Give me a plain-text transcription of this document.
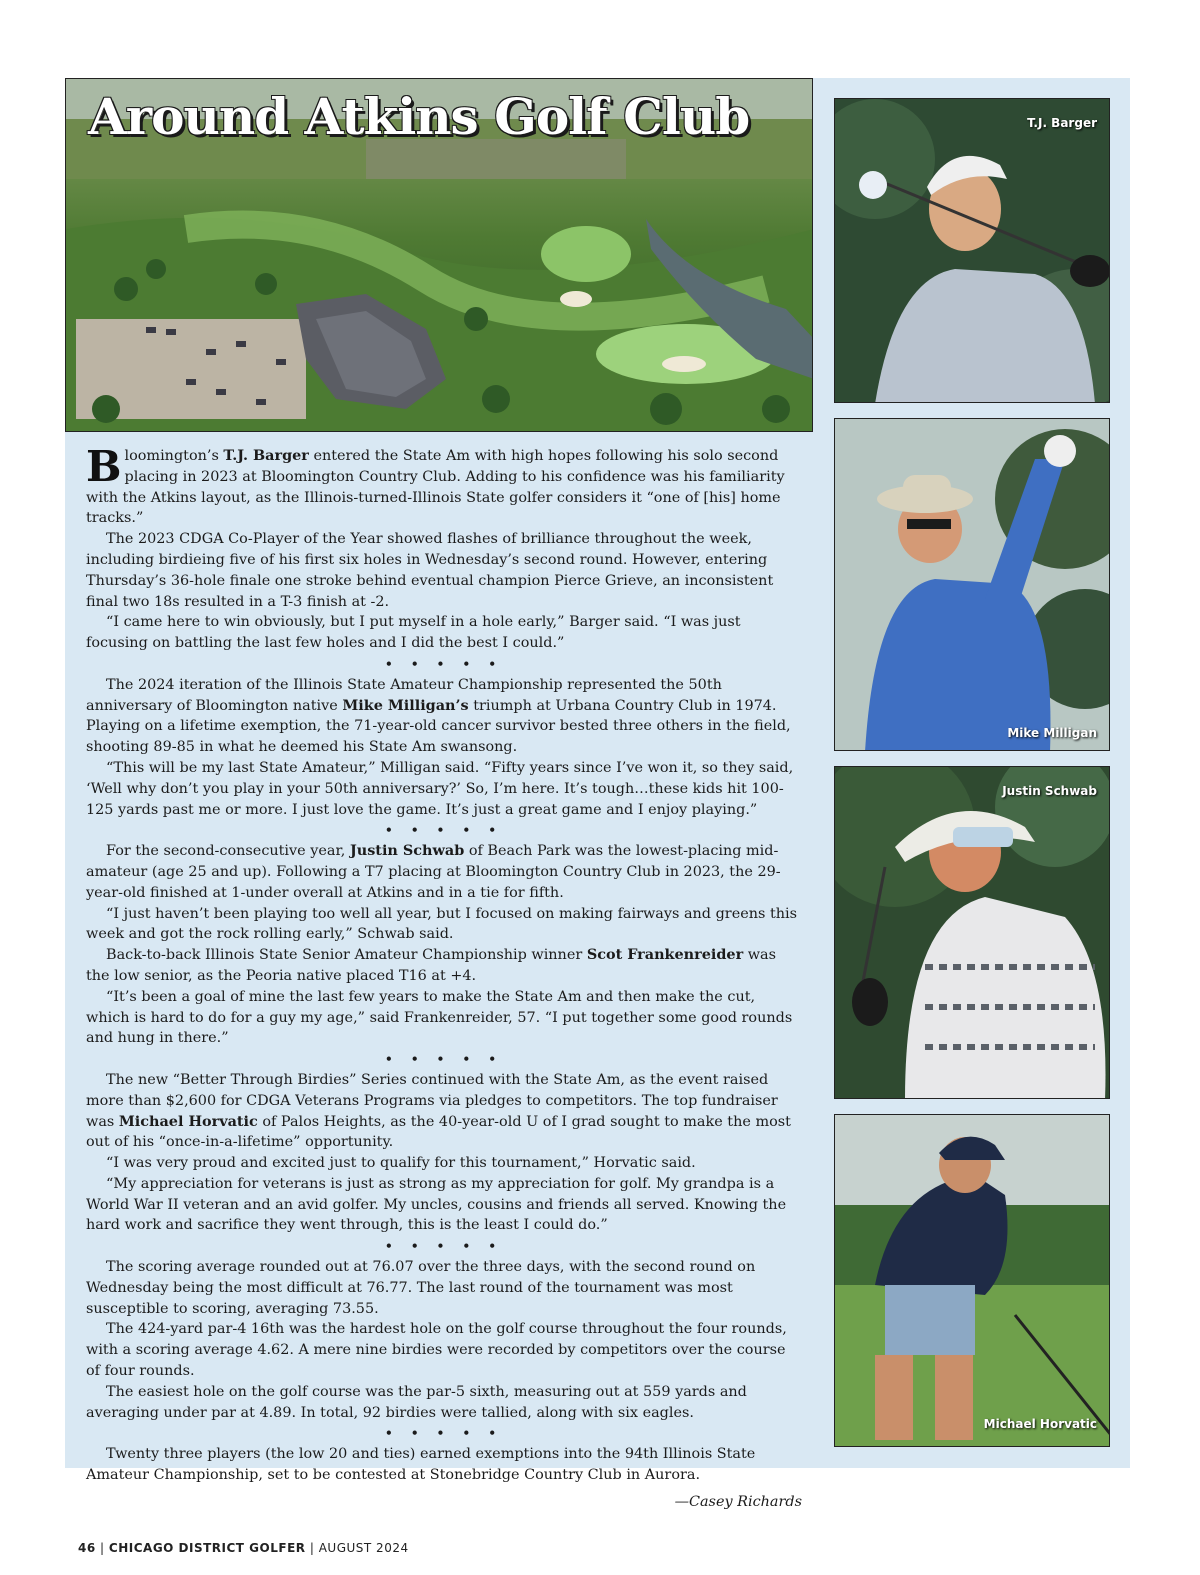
Around Atkins Golf Club	T.J. Barger
Mike Milligan
Justin Schwab
Michael Horvatic

Bloomington’s T.J. Barger entered the State Am with high hopes following his solo second placing in 2023 at Bloomington Country Club. Adding to his confidence was his familiarity with the Atkins layout, as the Illinois-turned-Illinois State golfer considers it “one of [his] home tracks.”

The 2023 CDGA Co-Player of the Year showed flashes of brilliance throughout the week, including birdieing five of his first six holes in Wednesday’s second round. However, entering Thursday’s 36-hole finale one stroke behind eventual champion Pierce Grieve, an inconsistent final two 18s resulted in a T-3 finish at -2.

“I came here to win obviously, but I put myself in a hole early,” Barger said. “I was just focusing on battling the last few holes and I did the best I could.”

• • • • •

The 2024 iteration of the Illinois State Amateur Championship represented the 50th anniversary of Bloomington native Mike Milligan’s triumph at Urbana Country Club in 1974. Playing on a lifetime exemption, the 71-year-old cancer survivor bested three others in the field, shooting 89-85 in what he deemed his State Am swansong.

“This will be my last State Amateur,” Milligan said. “Fifty years since I’ve won it, so they said, ‘Well why don’t you play in your 50th anniversary?’ So, I’m here. It’s tough…these kids hit 100-125 yards past me or more. I just love the game. It’s just a great game and I enjoy playing.”

• • • • •

For the second-consecutive year, Justin Schwab of Beach Park was the lowest-placing mid-amateur (age 25 and up). Following a T7 placing at Bloomington Country Club in 2023, the 29-year-old finished at 1-under overall at Atkins and in a tie for fifth.

“I just haven’t been playing too well all year, but I focused on making fairways and greens this week and got the rock rolling early,” Schwab said.

Back-to-back Illinois State Senior Amateur Championship winner Scot Frankenreider was the low senior, as the Peoria native placed T16 at +4.

“It’s been a goal of mine the last few years to make the State Am and then make the cut, which is hard to do for a guy my age,” said Frankenreider, 57. “I put together some good rounds and hung in there.”

• • • • •

The new “Better Through Birdies” Series continued with the State Am, as the event raised more than $2,600 for CDGA Veterans Programs via pledges to competitors. The top fundraiser was Michael Horvatic of Palos Heights, as the 40-year-old U of I grad sought to make the most out of his “once-in-a-lifetime” opportunity.

“I was very proud and excited just to qualify for this tournament,” Horvatic said.

“My appreciation for veterans is just as strong as my appreciation for golf. My grandpa is a World War II veteran and an avid golfer. My uncles, cousins and friends all served. Knowing the hard work and sacrifice they went through, this is the least I could do.”

• • • • •

The scoring average rounded out at 76.07 over the three days, with the second round on Wednesday being the most difficult at 76.77. The last round of the tournament was most susceptible to scoring, averaging 73.55.

The 424-yard par-4 16th was the hardest hole on the golf course throughout the four rounds, with a scoring average 4.62. A mere nine birdies were recorded by competitors over the course of four rounds.

The easiest hole on the golf course was the par-5 sixth, measuring out at 559 yards and averaging under par at 4.89. In total, 92 birdies were tallied, along with six eagles.

• • • • •

Twenty three players (the low 20 and ties) earned exemptions into the 94th Illinois State Amateur Championship, set to be contested at Stonebridge Country Club in Aurora.

—Casey Richards
46 | CHICAGO DISTRICT GOLFER | AUGUST 2024
